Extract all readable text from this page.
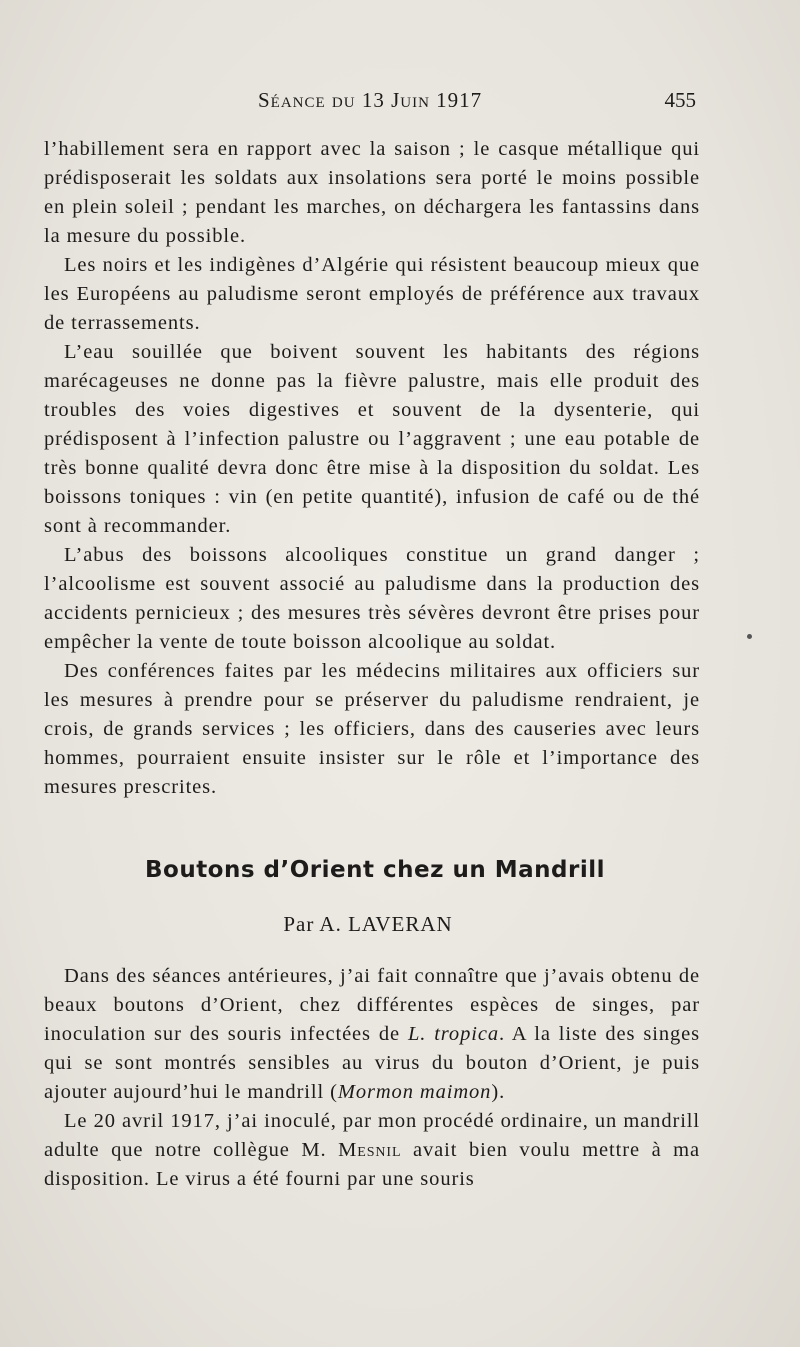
Séance du 13 Juin 1917	455

l’habillement sera en rapport avec la saison ; le casque métallique qui prédisposerait les soldats aux insolations sera porté le moins possible en plein soleil ; pendant les marches, on déchargera les fantassins dans la mesure du possible.

Les noirs et les indigènes d’Algérie qui résistent beaucoup mieux que les Européens au paludisme seront employés de préférence aux travaux de terrassements.

L’eau souillée que boivent souvent les habitants des régions marécageuses ne donne pas la fièvre palustre, mais elle produit des troubles des voies digestives et souvent de la dysenterie, qui prédisposent à l’infection palustre ou l’aggravent ; une eau potable de très bonne qualité devra donc être mise à la disposition du soldat. Les boissons toniques : vin (en petite quantité), infusion de café ou de thé sont à recommander.

L’abus des boissons alcooliques constitue un grand danger ; l’alcoolisme est souvent associé au paludisme dans la production des accidents pernicieux ; des mesures très sévères devront être prises pour empêcher la vente de toute boisson alcoolique au soldat.

Des conférences faites par les médecins militaires aux officiers sur les mesures à prendre pour se préserver du paludisme rendraient, je crois, de grands services ; les officiers, dans des causeries avec leurs hommes, pourraient ensuite insister sur le rôle et l’importance des mesures prescrites.

Boutons d’Orient chez un Mandrill
Par A. LAVERAN

Dans des séances antérieures, j’ai fait connaître que j’avais obtenu de beaux boutons d’Orient, chez différentes espèces de singes, par inoculation sur des souris infectées de L. tropica. A la liste des singes qui se sont montrés sensibles au virus du bouton d’Orient, je puis ajouter aujourd’hui le mandrill (Mormon maimon).

Le 20 avril 1917, j’ai inoculé, par mon procédé ordinaire, un mandrill adulte que notre collègue M. Mesnil avait bien voulu mettre à ma disposition. Le virus a été fourni par une souris
